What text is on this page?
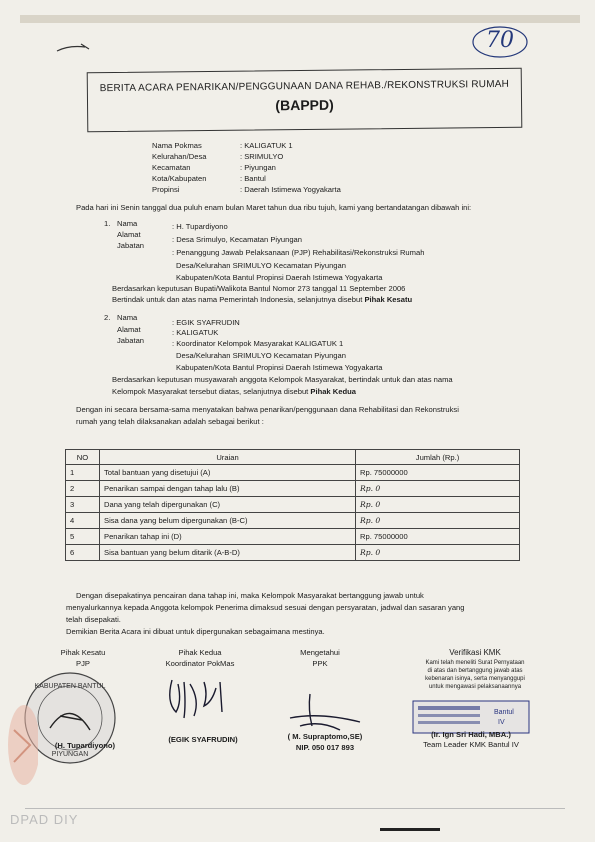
70
BERITA ACARA PENARIKAN/PENGGUNAAN DANA REHAB./REKONSTRUKSI RUMAH
(BAPPD)
Nama Pokmas	: KALIGATUK 1
Kelurahan/Desa	: SRIMULYO
Kecamatan	: Piyungan
Kota/Kabupaten	: Bantul
Propinsi	: Daerah Istimewa Yogyakarta
Pada hari ini Senin tanggal dua puluh enam bulan Maret tahun dua ribu tujuh, kami yang bertandatangan dibawah ini:
1. Nama	: H. Tupardiyono
Alamat
: Desa Srimulyo, Kecamatan Piyungan
Jabatan
: Penanggung Jawab Pelaksanaan (PJP) Rehabilitasi/Rekonstruksi Rumah
Desa/Kelurahan SRIMULYO Kecamatan Piyungan
Kabupaten/Kota Bantul Propinsi Daerah Istimewa Yogyakarta
Berdasarkan keputusan Bupati/Walikota Bantul Nomor 273 tanggal 11 September 2006
Bertindak untuk dan atas nama Pemerintah Indonesia, selanjutnya disebut Pihak Kesatu
2. Nama
: EGIK SYAFRUDIN
Alamat	: KALIGATUK
Jabatan	: Koordinator Kelompok Masyarakat KALIGATUK 1
Desa/Kelurahan SRIMULYO Kecamatan Piyungan
Kabupaten/Kota Bantul Propinsi Daerah Istimewa Yogyakarta
Berdasarkan keputusan musyawarah anggota Kelompok Masyarakat, bertindak untuk dan atas nama
Kelompok Masyarakat tersebut diatas, selanjutnya disebut Pihak Kedua
Dengan ini secara bersama-sama menyatakan bahwa penarikan/penggunaan dana Rehabilitasi dan Rekonstruksi
rumah yang telah dilaksanakan adalah sebagai berikut :
NO	Uraian	Jumlah (Rp.)
1	Total bantuan yang disetujui (A)	Rp. 75000000
2	Penarikan sampai dengan tahap lalu (B)	Rp. 0
3	Dana yang telah dipergunakan (C)	Rp. 0
4	Sisa dana yang belum dipergunakan (B-C)	Rp. 0
5	Penarikan tahap ini (D)	Rp. 75000000
6	Sisa bantuan yang belum ditarik (A-B-D)	Rp. 0
Dengan disepakatinya pencairan dana tahap ini, maka Kelompok Masyarakat bertanggung jawab untuk
menyalurkannya kepada Anggota kelompok Penerima dimaksud sesuai dengan persyaratan, jadwal dan sasaran yang
telah disepakati.
Demikian Berita Acara ini dibuat untuk dipergunakan sebagaimana mestinya.
Pihak Kesatu
PJP
KABUPATEN BANTUL
PIYUNGAN
(H. Tupardiyono)
Pihak Kedua
Koordinator PokMas
(EGIK SYAFRUDIN)
Mengetahui
PPK
( M. Supraptomo,SE)
NIP. 050 017 893
Verifikasi KMK
Kami telah meneliti Surat Pernyataan
di atas dan bertanggung jawab atas
kebenaran isinya, serta menyanggupi
untuk mengawasi pelaksanaannya
Bantul
IV
(Ir. Ign Sri Hadi, MBA.)
Team Leader KMK Bantul IV
DPAD DIY
